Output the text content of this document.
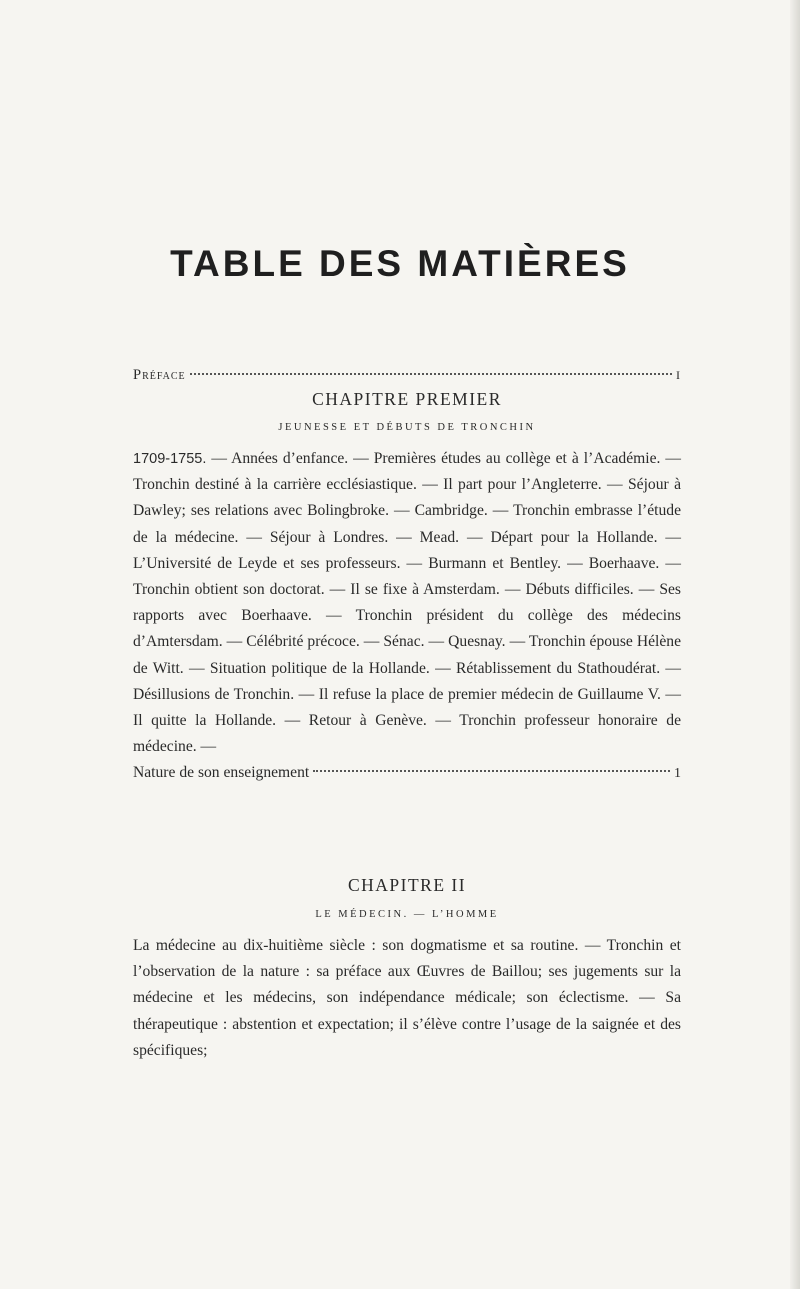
TABLE DES MATIÈRES
Préface	I
CHAPITRE PREMIER
JEUNESSE ET DÉBUTS DE TRONCHIN
1709-1755. — Années d’enfance. — Premières études au collège et à l’Académie. — Tronchin destiné à la carrière ecclésiastique. — Il part pour l’Angleterre. — Séjour à Dawley; ses relations avec Bolingbroke. — Cambridge. — Tronchin embrasse l’étude de la médecine. — Séjour à Londres. — Mead. — Départ pour la Hollande. — L’Université de Leyde et ses professeurs. — Burmann et Bentley. — Boerhaave. — Tronchin obtient son doctorat. — Il se fixe à Amsterdam. — Débuts difficiles. — Ses rapports avec Boerhaave. — Tronchin président du collège des médecins d’Amtersdam. — Célébrité précoce. — Sénac. — Quesnay. — Tronchin épouse Hélène de Witt. — Situation politique de la Hollande. — Rétablissement du Stathoudérat. — Désillusions de Tronchin. — Il refuse la place de premier médecin de Guillaume V. — Il quitte la Hollande. — Retour à Genève. — Tronchin professeur honoraire de médecine. —
Nature de son enseignement	1
CHAPITRE II
LE MÉDECIN. — L’HOMME
La médecine au dix-huitième siècle : son dogmatisme et sa routine. — Tronchin et l’observation de la nature : sa préface aux Œuvres de Baillou; ses jugements sur la médecine et les médecins, son indépendance médicale; son éclectisme. — Sa thérapeutique : abstention et expectation; il s’élève contre l’usage de la saignée et des spécifiques;
